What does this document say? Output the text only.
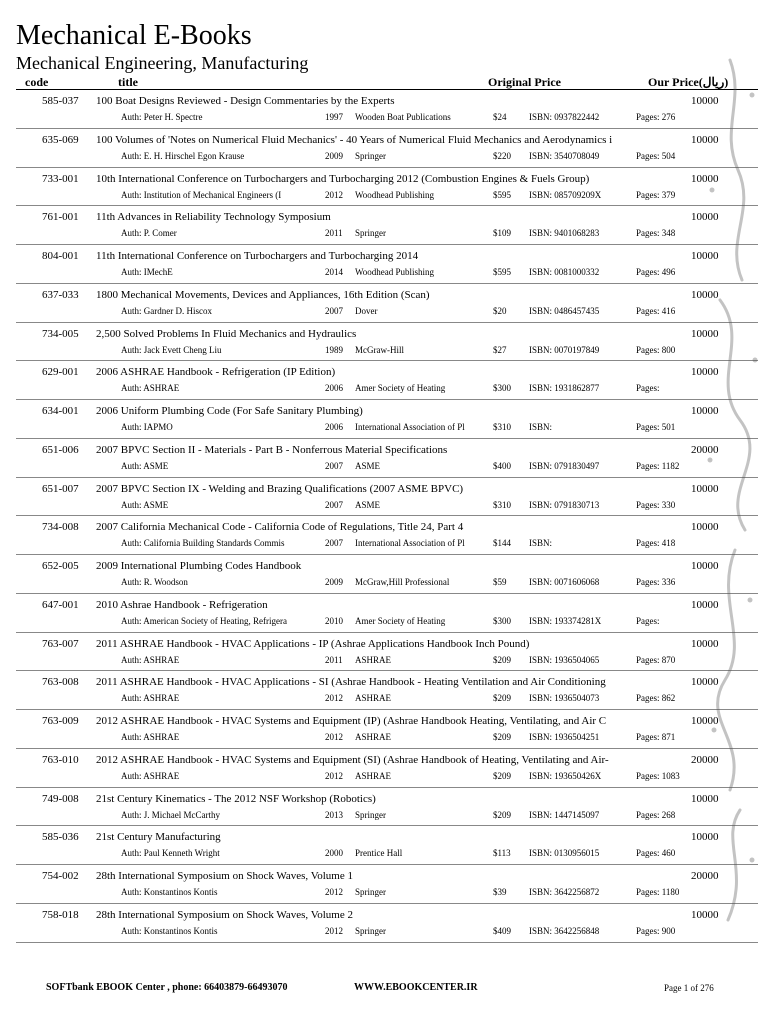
Mechanical E-Books
Mechanical Engineering, Manufacturing
code	title	Original Price	Our Price(ریال)
585-037 100 Boat Designs Reviewed - Design Commentaries by the Experts	10000
Auth: Peter H. Spectre	1997 Wooden Boat Publications	$24	ISBN: 0937822442	Pages: 276
635-069 100 Volumes of 'Notes on Numerical Fluid Mechanics' - 40 Years of Numerical Fluid Mechanics and Aerodynamics i	10000
Auth: E. H. Hirschel Egon Krause	2009 Springer	$220 ISBN: 3540708049	Pages: 504
733-001 10th International Conference on Turbochargers and Turbocharging 2012 (Combustion Engines & Fuels Group)	10000
Auth: Institution of Mechanical Engineers (I	2012 Woodhead Publishing	$595 ISBN: 085709209X	Pages: 379
761-001 11th Advances in Reliability Technology Symposium	10000
Auth: P. Comer	2011 Springer	$109 ISBN: 9401068283	Pages: 348
804-001 11th International Conference on Turbochargers and Turbocharging 2014	10000
Auth: IMechE	2014 Woodhead Publishing	$595 ISBN: 0081000332	Pages: 496
637-033 1800 Mechanical Movements, Devices and Appliances, 16th Edition (Scan)	10000
Auth: Gardner D. Hiscox	2007 Dover	$20	ISBN: 0486457435	Pages: 416
734-005 2,500 Solved Problems In Fluid Mechanics and Hydraulics	10000
Auth: Jack Evett Cheng Liu	1989 McGraw-Hill	$27	ISBN: 0070197849	Pages: 800
629-001 2006 ASHRAE Handbook - Refrigeration (IP Edition)	10000
Auth: ASHRAE	2006 Amer Society of Heating	$300 ISBN: 1931862877	Pages:
634-001 2006 Uniform Plumbing Code (For Safe Sanitary Plumbing)	10000
Auth: IAPMO	2006 International Association of Pl	$310 ISBN:	Pages: 501
651-006 2007 BPVC Section II - Materials - Part B - Nonferrous Material Specifications	20000
Auth: ASME	2007 ASME	$400 ISBN: 0791830497	Pages: 1182
651-007 2007 BPVC Section IX - Welding and Brazing Qualifications (2007 ASME BPVC)	10000
Auth: ASME	2007 ASME	$310 ISBN: 0791830713	Pages: 330
734-008 2007 California Mechanical Code - California Code of Regulations, Title 24, Part 4	10000
Auth: California Building Standards Commis	2007 International Association of Pl	$144 ISBN:	Pages: 418
652-005 2009 International Plumbing Codes Handbook	10000
Auth: R. Woodson	2009 McGraw,Hill Professional	$59	ISBN: 0071606068	Pages: 336
647-001 2010 Ashrae Handbook - Refrigeration	10000
Auth: American Society of Heating, Refrigera	2010 Amer Society of Heating	$300 ISBN: 193374281X	Pages:
763-007 2011 ASHRAE Handbook - HVAC Applications - IP (Ashrae Applications Handbook Inch Pound)	10000
Auth: ASHRAE	2011 ASHRAE	$209 ISBN: 1936504065	Pages: 870
763-008 2011 ASHRAE Handbook - HVAC Applications - SI (Ashrae Handbook - Heating Ventilation and Air Conditioning	10000
Auth: ASHRAE	2012 ASHRAE	$209 ISBN: 1936504073	Pages: 862
763-009 2012 ASHRAE Handbook - HVAC Systems and Equipment (IP) (Ashrae Handbook Heating, Ventilating, and Air C	10000
Auth: ASHRAE	2012 ASHRAE	$209 ISBN: 1936504251	Pages: 871
763-010 2012 ASHRAE Handbook - HVAC Systems and Equipment (SI) (Ashrae Handbook of Heating, Ventilating and Air-	20000
Auth: ASHRAE	2012 ASHRAE	$209 ISBN: 193650426X	Pages: 1083
749-008 21st Century Kinematics - The 2012 NSF Workshop (Robotics)	10000
Auth: J. Michael McCarthy	2013 Springer	$209 ISBN: 1447145097	Pages: 268
585-036 21st Century Manufacturing	10000
Auth: Paul Kenneth Wright	2000 Prentice Hall	$113 ISBN: 0130956015	Pages: 460
754-002 28th International Symposium on Shock Waves, Volume 1	20000
Auth: Konstantinos Kontis	2012 Springer	$39	ISBN: 3642256872	Pages: 1180
758-018 28th International Symposium on Shock Waves, Volume 2	10000
Auth: Konstantinos Kontis	2012 Springer	$409 ISBN: 3642256848	Pages: 900
SOFTbank EBOOK Center , phone: 66403879-66493070	WWW.EBOOKCENTER.IR	Page 1 of 276
